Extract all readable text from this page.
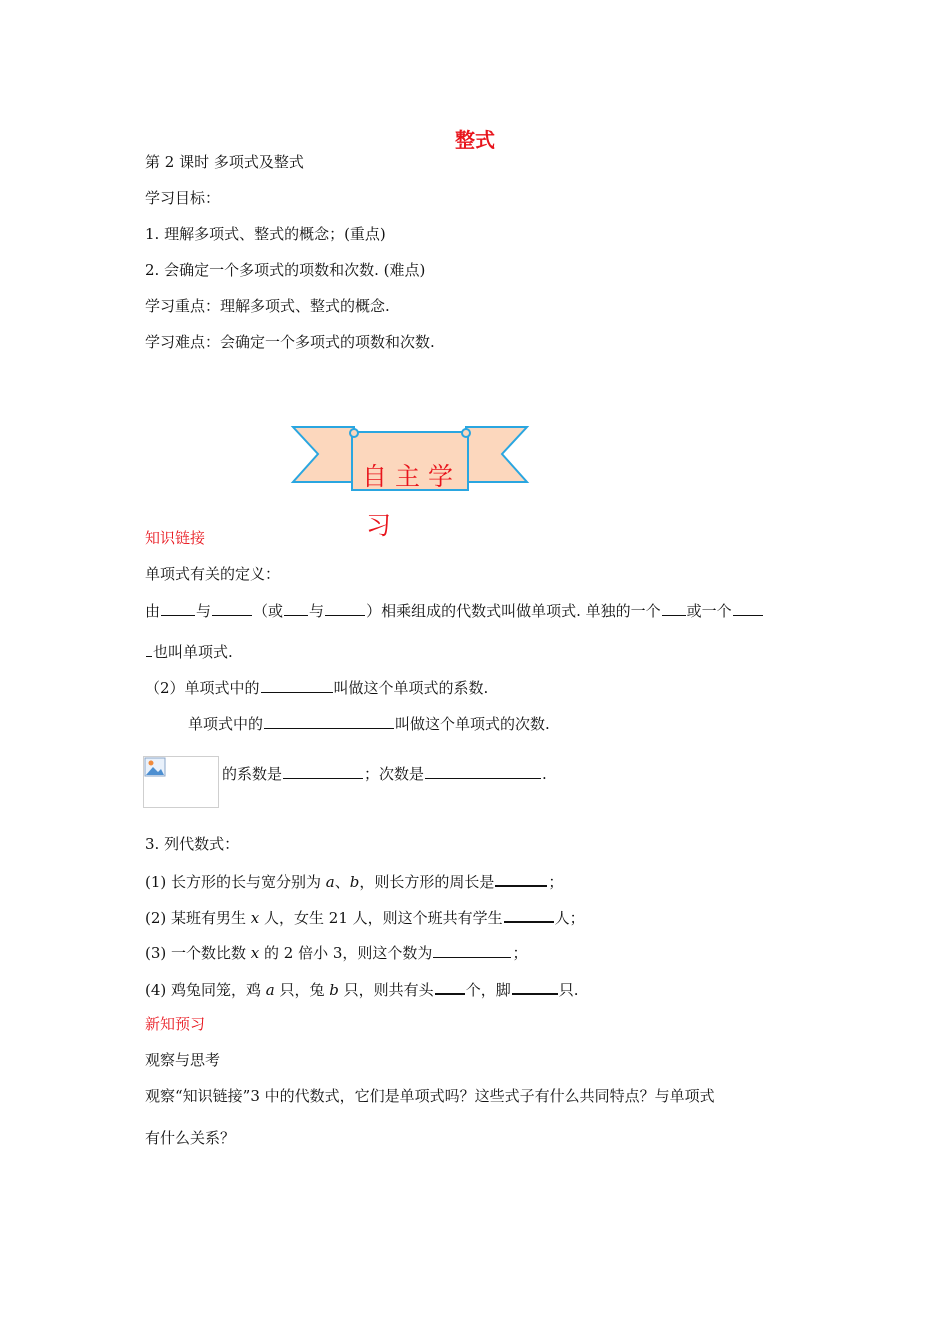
整式
第 2 课时 多项式及整式
学习目标：
1. 理解多项式、整式的概念；(重点)
2. 会确定一个多项式的项数和次数. (难点)
学习重点：理解多项式、整式的概念.
学习难点：会确定一个多项式的项数和次数.
自主学
习
知识链接
单项式有关的定义：
由 与	（或 与	）相乘组成的代数式叫做单项式. 单独的一个 或一个
也叫单项式.
（2）单项式中的	叫做这个单项式的系数.
单项式中的	叫做这个单项式的次数.
的系数是	；次数是	.
3. 列代数式：
(1) 长方形的长与宽分别为 a、b，则长方形的周长是	；
(2) 某班有男生 x 人，女生 21 人，则这个班共有学生	人；
(3) 一个数比数 x 的 2 倍小 3，则这个数为	；
(4) 鸡兔同笼，鸡 a 只，兔 b 只，则共有头 个，脚	只.
新知预习
观察与思考
观察“知识链接”3 中的代数式，它们是单项式吗？这些式子有什么共同特点？与单项式
有什么关系？
